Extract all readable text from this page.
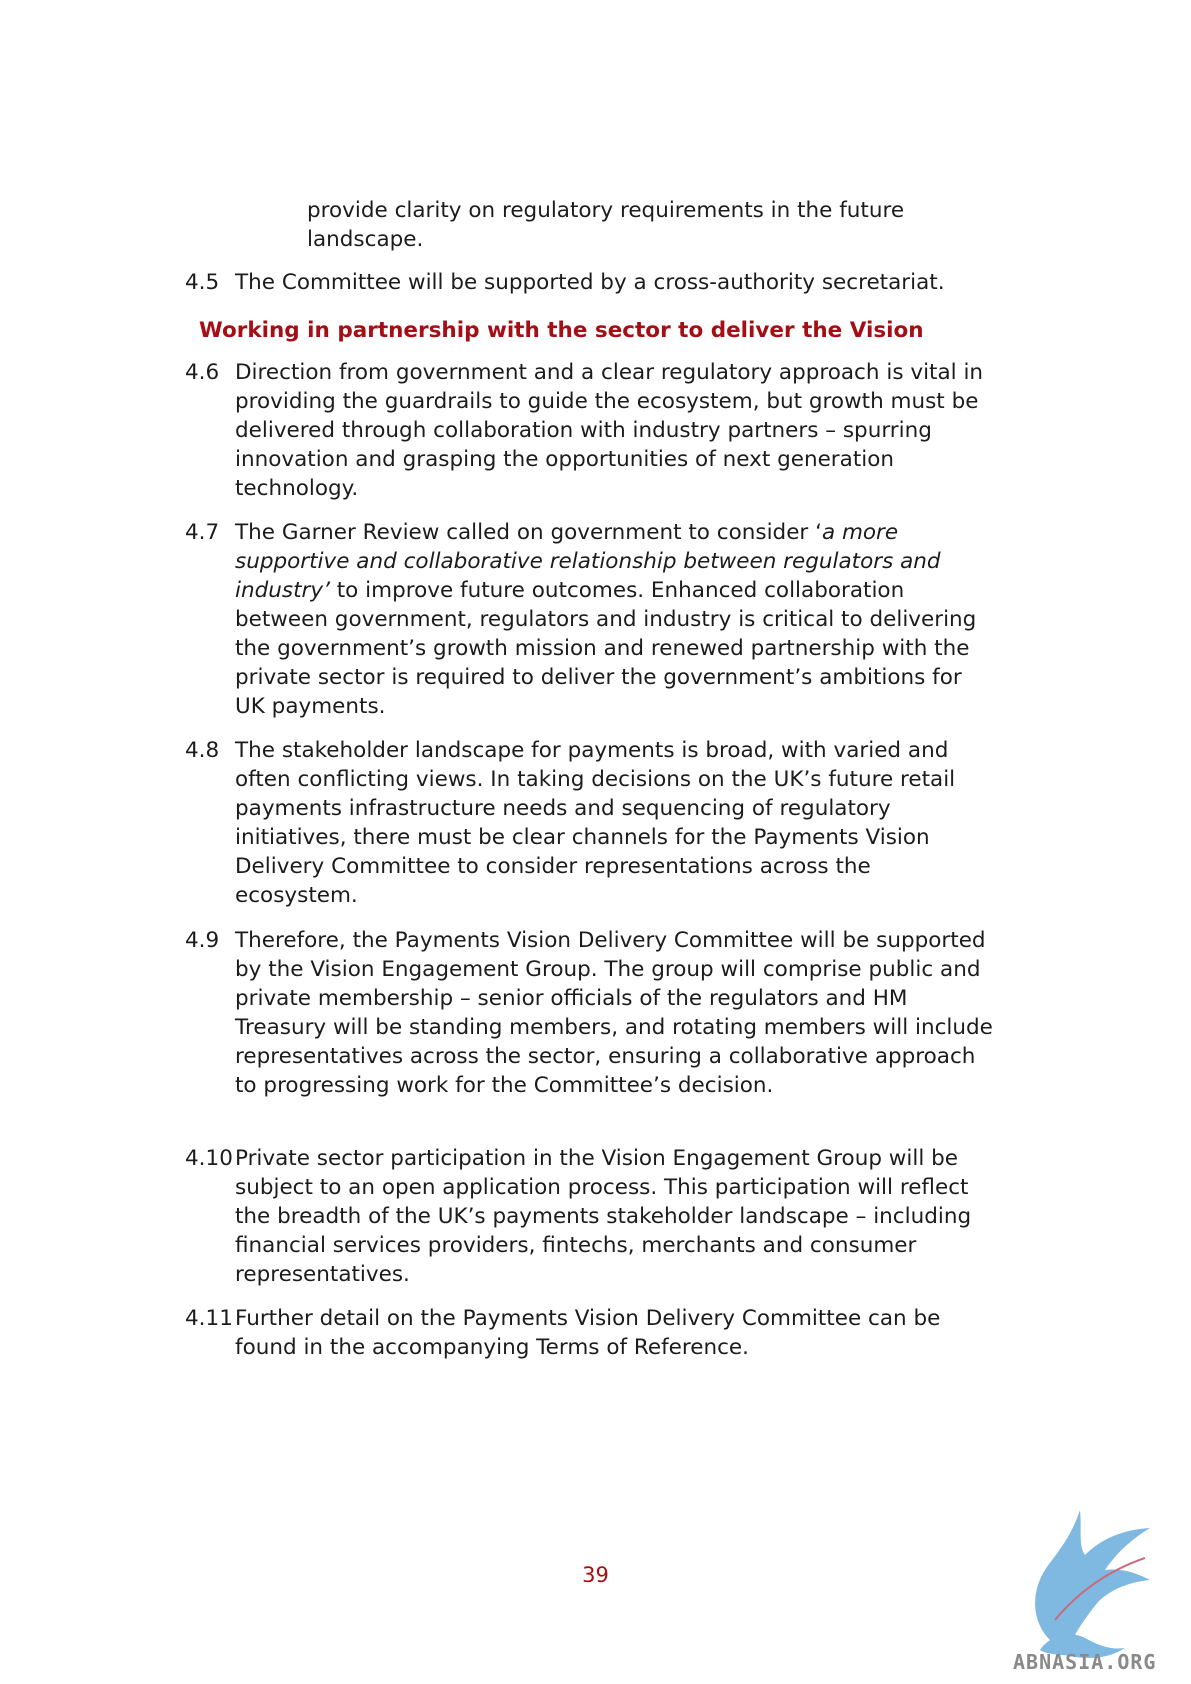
provide clarity on regulatory requirements in the future landscape.
4.5 The Committee will be supported by a cross-authority secretariat.
Working in partnership with the sector to deliver the Vision
4.6 Direction from government and a clear regulatory approach is vital in providing the guardrails to guide the ecosystem, but growth must be delivered through collaboration with industry partners – spurring innovation and grasping the opportunities of next generation technology.
4.7 The Garner Review called on government to consider ‘a more supportive and collaborative relationship between regulators and industry’ to improve future outcomes. Enhanced collaboration between government, regulators and industry is critical to delivering the government’s growth mission and renewed partnership with the private sector is required to deliver the government’s ambitions for UK payments.
4.8 The stakeholder landscape for payments is broad, with varied and often conflicting views. In taking decisions on the UK’s future retail payments infrastructure needs and sequencing of regulatory initiatives, there must be clear channels for the Payments Vision Delivery Committee to consider representations across the ecosystem.
4.9 Therefore, the Payments Vision Delivery Committee will be supported by the Vision Engagement Group. The group will comprise public and private membership – senior officials of the regulators and HM Treasury will be standing members, and rotating members will include representatives across the sector, ensuring a collaborative approach to progressing work for the Committee’s decision.
4.10 Private sector participation in the Vision Engagement Group will be subject to an open application process. This participation will reflect the breadth of the UK’s payments stakeholder landscape – including financial services providers, fintechs, merchants and consumer representatives.
4.11 Further detail on the Payments Vision Delivery Committee can be found in the accompanying Terms of Reference.
39
ABNASIA.ORG
